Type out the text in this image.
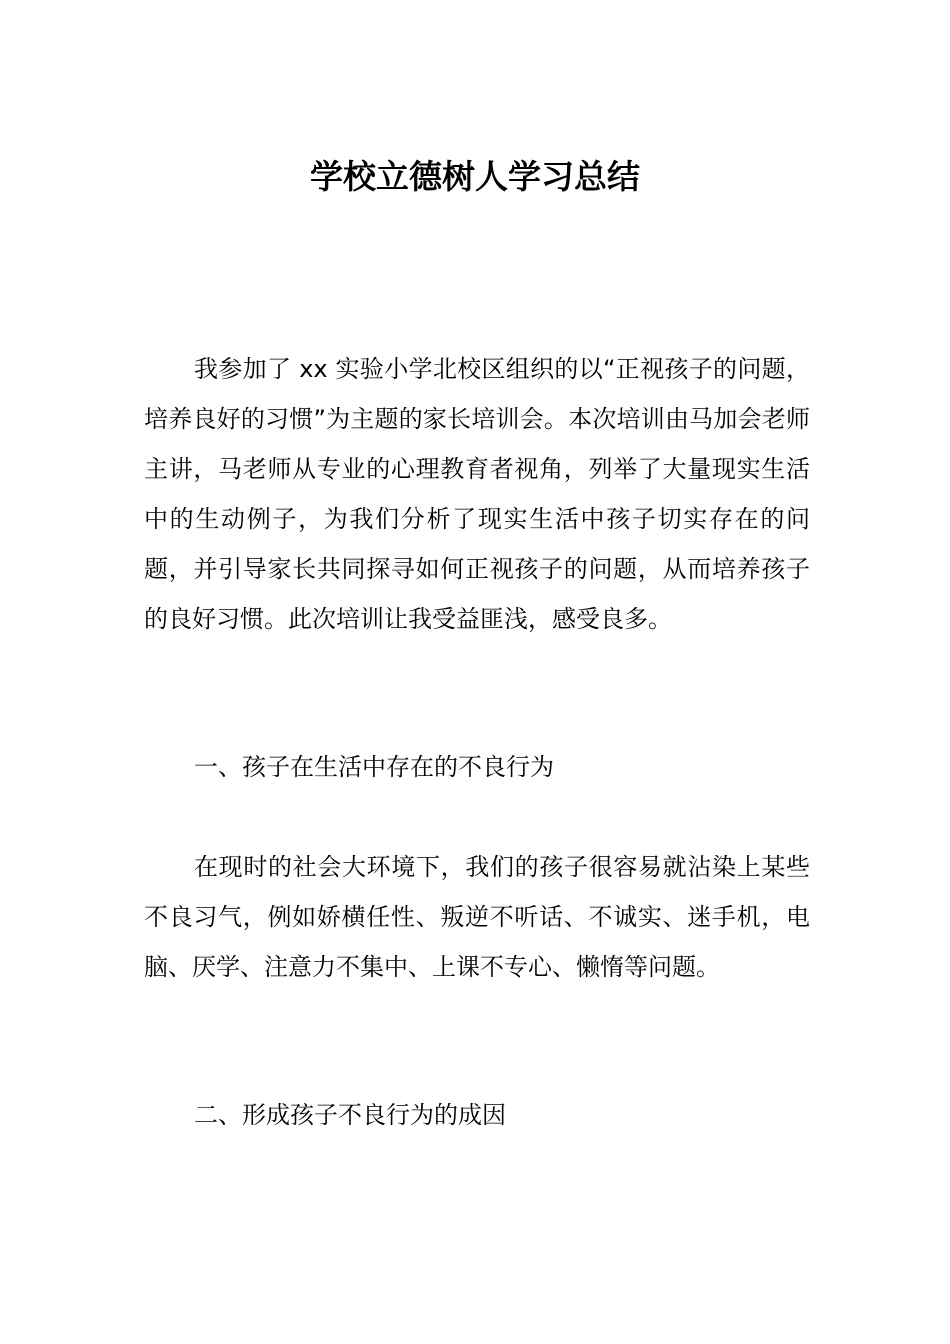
学校立德树人学习总结

我参加了 xx 实验小学北校区组织的以“正视孩子的问题，培养良好的习惯”为主题的家长培训会。本次培训由马加会老师主讲，马老师从专业的心理教育者视角，列举了大量现实生活中的生动例子，为我们分析了现实生活中孩子切实存在的问题，并引导家长共同探寻如何正视孩子的问题，从而培养孩子的良好习惯。此次培训让我受益匪浅，感受良多。

一、孩子在生活中存在的不良行为

在现时的社会大环境下，我们的孩子很容易就沾染上某些不良习气，例如娇横任性、叛逆不听话、不诚实、迷手机，电脑、厌学、注意力不集中、上课不专心、懒惰等问题。

二、形成孩子不良行为的成因
